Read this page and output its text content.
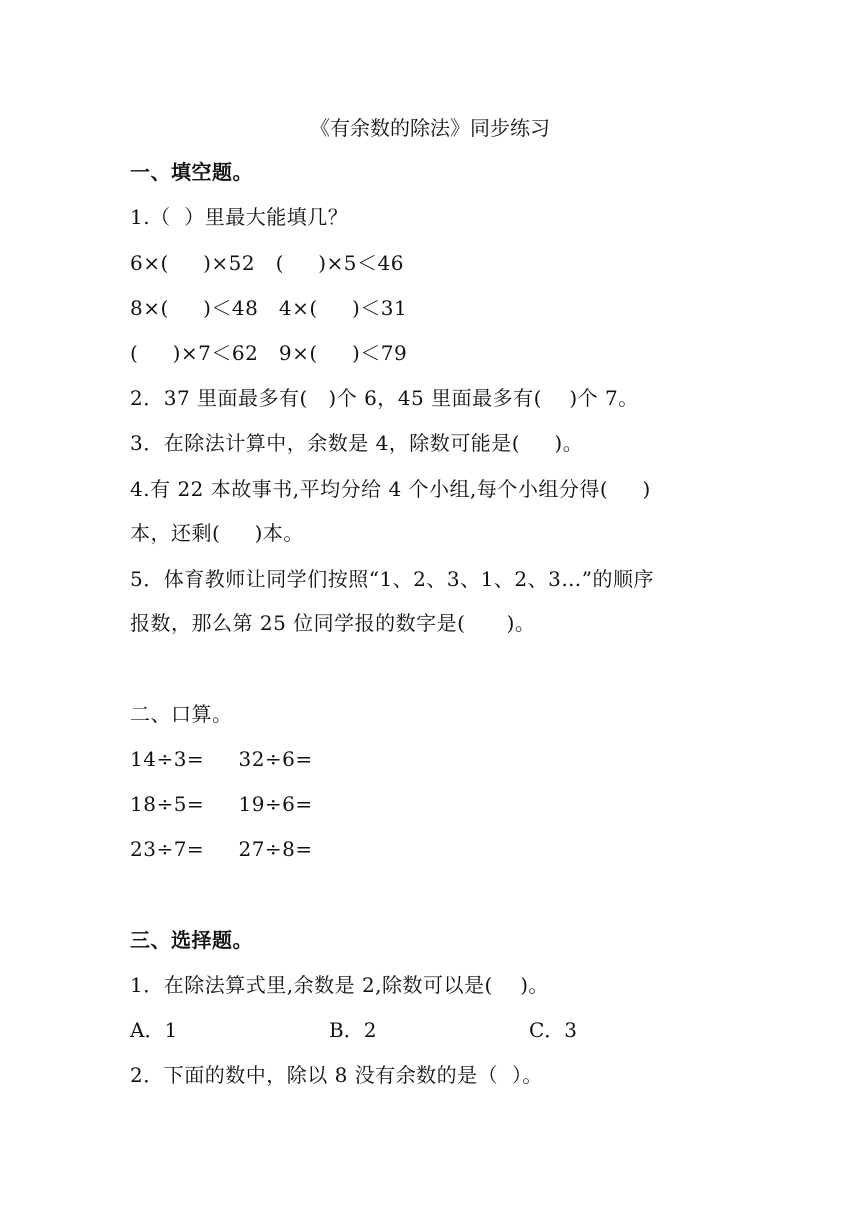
《有余数的除法》同步练习
一、填空题。
1.（  ）里最大能填几？
6×(     )×52   (     )×5＜46
8×(     )＜48   4×(     )＜31
(     )×7＜62   9×(     )＜79
2．37 里面最多有(   )个 6，45 里面最多有(    )个 7。
3．在除法计算中，余数是 4，除数可能是(     )。
4.有 22 本故事书,平均分给 4 个小组,每个小组分得(     )
本，还剩(     )本。
5．体育教师让同学们按照“1、2、3、1、2、3…”的顺序
报数，那么第 25 位同学报的数字是(      )。
二、口算。
14÷3=     32÷6=
18÷5=     19÷6=
23÷7=     27÷8=
三、选择题。
1．在除法算式里,余数是 2,除数可以是(    )。
A．1	B．2	C．3
2．下面的数中，除以 8 没有余数的是（  ）。
